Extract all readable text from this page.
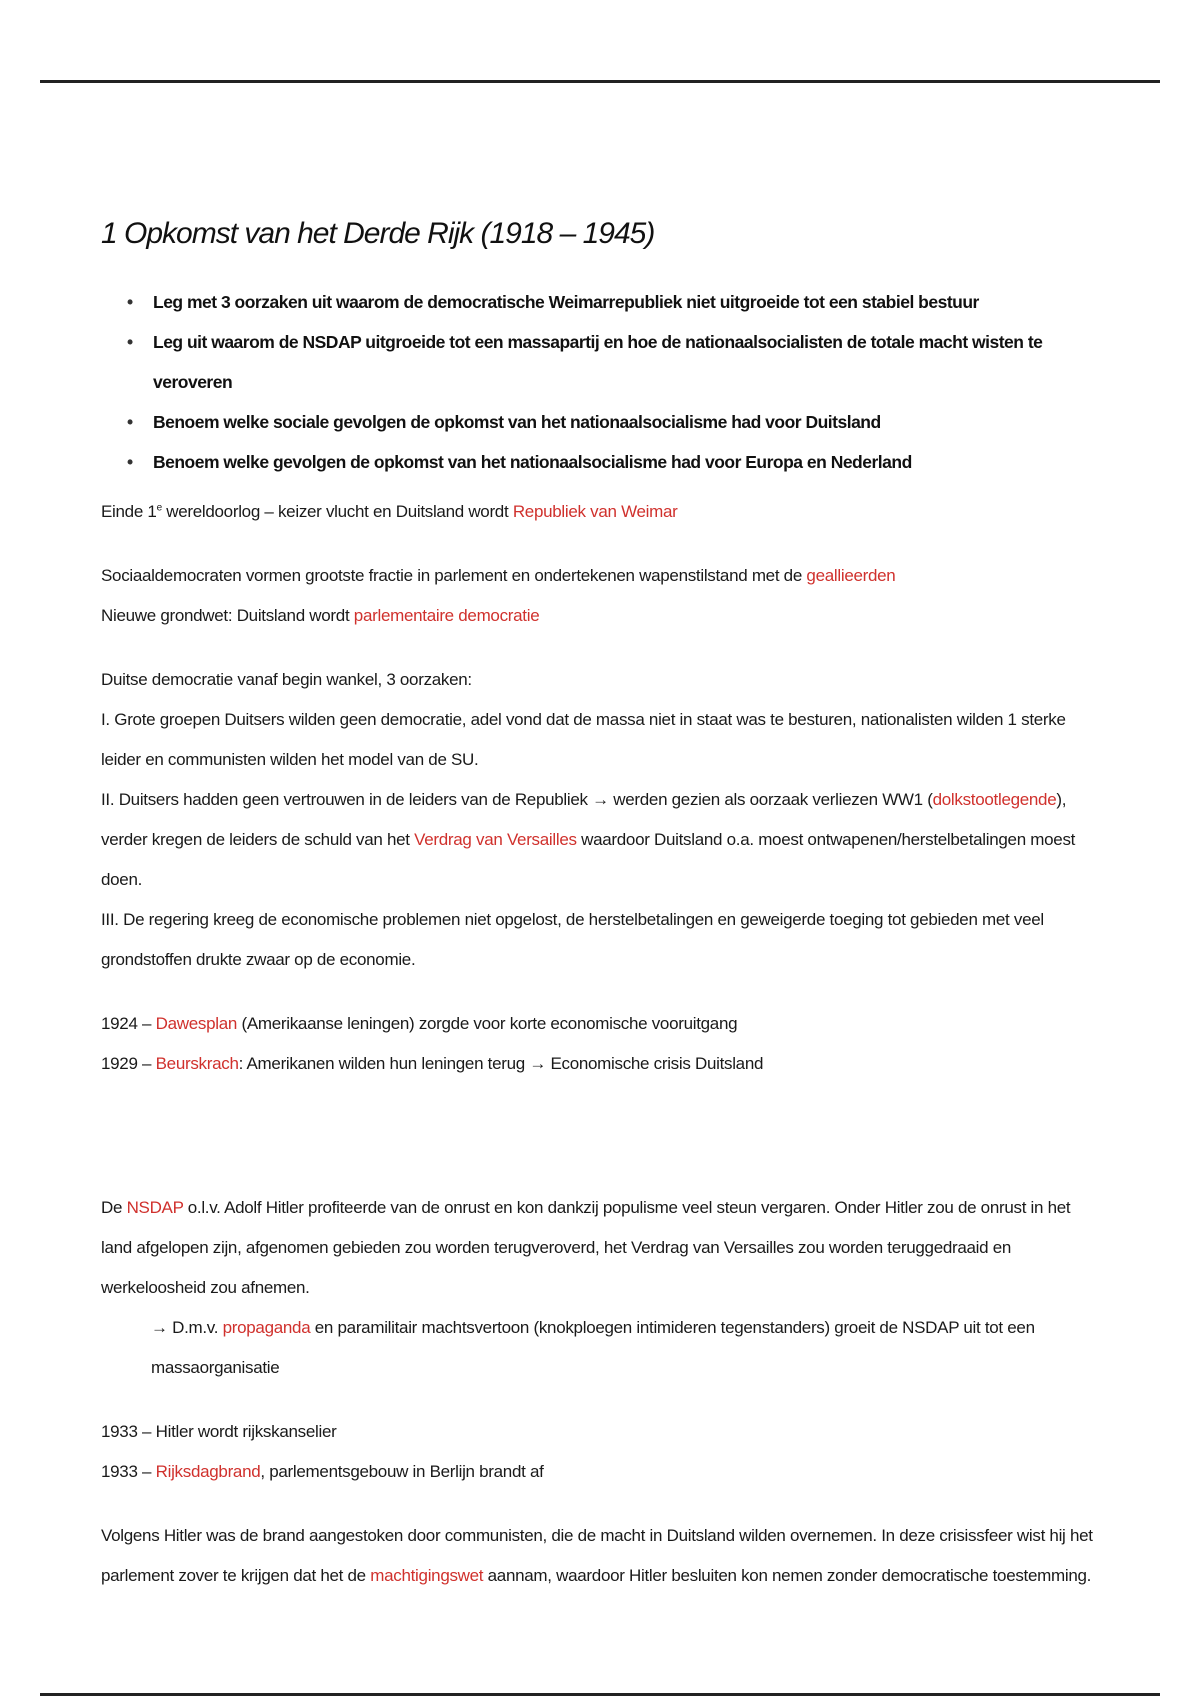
1 Opkomst van het Derde Rijk (1918 – 1945)
• Leg met 3 oorzaken uit waarom de democratische Weimarrepubliek niet uitgroeide tot een stabiel bestuur
• Leg uit waarom de NSDAP uitgroeide tot een massapartij en hoe de nationaalsocialisten de totale macht wisten te veroveren
• Benoem welke sociale gevolgen de opkomst van het nationaalsocialisme had voor Duitsland
• Benoem welke gevolgen de opkomst van het nationaalsocialisme had voor Europa en Nederland

Einde 1e wereldoorlog – keizer vlucht en Duitsland wordt Republiek van Weimar

Sociaaldemocraten vormen grootste fractie in parlement en ondertekenen wapenstilstand met de geallieerden

Nieuwe grondwet: Duitsland wordt parlementaire democratie

Duitse democratie vanaf begin wankel, 3 oorzaken:

I. Grote groepen Duitsers wilden geen democratie, adel vond dat de massa niet in staat was te besturen, nationalisten wilden 1 sterke leider en communisten wilden het model van de SU.

II. Duitsers hadden geen vertrouwen in de leiders van de Republiek → werden gezien als oorzaak verliezen WW1 (dolkstootlegende), verder kregen de leiders de schuld van het Verdrag van Versailles waardoor Duitsland o.a. moest ontwapenen/herstelbetalingen moest doen.

III. De regering kreeg de economische problemen niet opgelost, de herstelbetalingen en geweigerde toeging tot gebieden met veel grondstoffen drukte zwaar op de economie.

1924 – Dawesplan (Amerikaanse leningen) zorgde voor korte economische vooruitgang

1929 – Beurskrach: Amerikanen wilden hun leningen terug → Economische crisis Duitsland

De NSDAP o.l.v. Adolf Hitler profiteerde van de onrust en kon dankzij populisme veel steun vergaren. Onder Hitler zou de onrust in het land afgelopen zijn, afgenomen gebieden zou worden terugveroverd, het Verdrag van Versailles zou worden teruggedraaid en werkeloosheid zou afnemen.

→ D.m.v. propaganda en paramilitair machtsvertoon (knokploegen intimideren tegenstanders) groeit de NSDAP uit tot een massaorganisatie

1933 – Hitler wordt rijkskanselier

1933 – Rijksdagbrand, parlementsgebouw in Berlijn brandt af

Volgens Hitler was de brand aangestoken door communisten, die de macht in Duitsland wilden overnemen. In deze crisissfeer wist hij het parlement zover te krijgen dat het de machtigingswet aannam, waardoor Hitler besluiten kon nemen zonder democratische toestemming.
